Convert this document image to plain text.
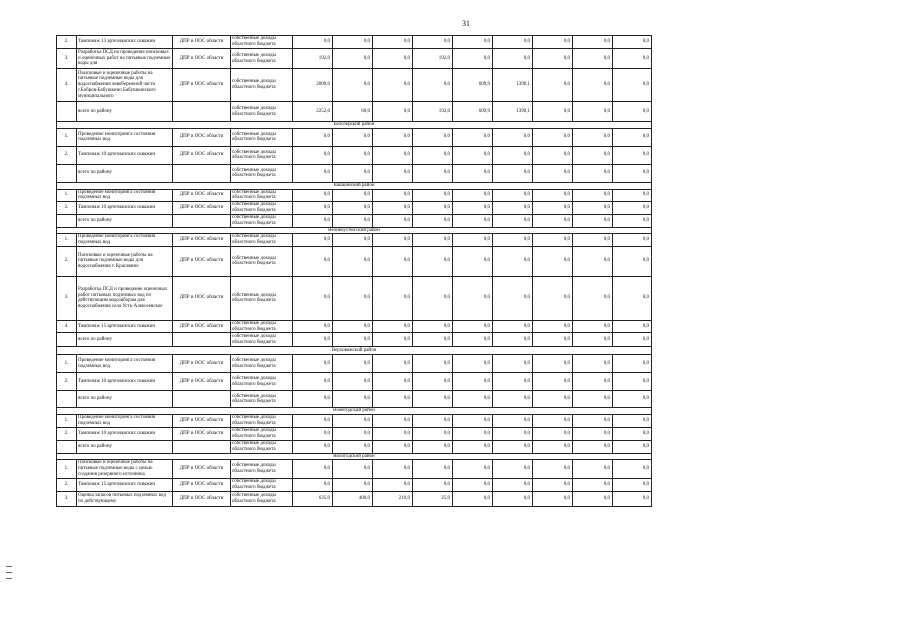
31
2.	Тампонаж 13 артезианских скважин	ДПР и ООС области	собственные доходы областного бюджета	0,0	0,0	0,0	0,0	0,0	0,0	0,0	0,0	0,0
3.	Разработка ПСД на проведение поисковых и оценочных работ на питьевые подземные воды для	ДПР и ООС области	собственные доходы областного бюджета	192,0	0,0	0,0	192,0	0,0	0,0	0,0	0,0	0,0
4.	Поисковые и оценочные работы на питьевые подземные воды для водоснабжения левобережной части г.Бобров-Бабушкино Бабушкинского муниципального	ДПР и ООС области	собственные доходы областного бюджета	2000,0	0,0	0,0	0,0	609,9	1390,1	0,0	0,0	0,0
	всего по району		собственные доходы областного бюджета	2252,0	60,0	0,0	192,0	609,9	1390,1	0,0	0,0	0,0
Белозерский район												
1.	Проведение мониторинга состояния подземных вод	ДПР и ООС области	собственные доходы областного бюджета	0,0	0,0	0,0	0,0	0,0	0,0	0,0	0,0	0,0
2.	Тампонаж 10 артезианских скважин	ДПР и ООС области	собственные доходы областного бюджета	0,0	0,0	0,0	0,0	0,0	0,0	0,0	0,0	0,0
	всего по району		собственные доходы областного бюджета	0,0	0,0	0,0	0,0	0,0	0,0	0,0	0,0	0,0
Вашкинский район												
1.	Проведение мониторинга состояния подземных вод	ДПР и ООС области	собственные доходы областного бюджета	0,0	0,0	0,0	0,0	0,0	0,0	0,0	0,0	0,0
2.	Тампонаж 10 артезианских скважин	ДПР и ООС области	собственные доходы областного бюджета	0,0	0,0	0,0	0,0	0,0	0,0	0,0	0,0	0,0
	всего по району		собственные доходы областного бюджета	0,0	0,0	0,0	0,0	0,0	0,0	0,0	0,0	0,0
Великоустюгский район												
1.	Проведение мониторинга состояния подземных вод	ДПР и ООС области	собственные доходы областного бюджета	0,0	0,0	0,0	0,0	0,0	0,0	0,0	0,0	0,0
2.	Поисковые и оценочные работы на питьевые подземные воды для водоснабжения г. Красавино	ДПР и ООС области	собственные доходы областного бюджета	0,0	0,0	0,0	0,0	0,0	0,0	0,0	0,0	0,0
3.	Разработка ПСД и проведение оценочных работ питьевых подземных вод по действующим водозаборам для водоснабжения села Усть-Алексеевское	ДПР и ООС области	собственные доходы областного бюджета	0,0	0,0	0,0	0,0	0,0	0,0	0,0	0,0	0,0
4.	Тампонаж 15 артезианских скважин	ДПР и ООС области	собственные доходы областного бюджета	0,0	0,0	0,0	0,0	0,0	0,0	0,0	0,0	0,0
	всего по району		собственные доходы областного бюджета	0,0	0,0	0,0	0,0	0,0	0,0	0,0	0,0	0,0
Верховажский район												
1.	Проведение мониторинга состояния подземных вод	ДПР и ООС области	собственные доходы областного бюджета	0,0	0,0	0,0	0,0	0,0	0,0	0,0	0,0	0,0
2.	Тампонаж 10 артезианских скважин	ДПР и ООС области	собственные доходы областного бюджета	0,0	0,0	0,0	0,0	0,0	0,0	0,0	0,0	0,0
	всего по району		собственные доходы областного бюджета	0,0	0,0	0,0	0,0	0,0	0,0	0,0	0,0	0,0
Вожегодский район												
1.	Проведение мониторинга состояния подземных вод	ДПР и ООС области	собственные доходы областного бюджета	0,0	0,0	0,0	0,0	0,0	0,0	0,0	0,0	0,0
2.	Тампонаж 10 артезианских скважин	ДПР и ООС области	собственные доходы областного бюджета	0,0	0,0	0,0	0,0	0,0	0,0	0,0	0,0	0,0
	всего по району		собственные доходы областного бюджета	0,0	0,0	0,0	0,0	0,0	0,0	0,0	0,0	0,0
Вологодский район												
1.	Поисковые и оценочные работы на питьевые подземные воды с целью создания резервного источника	ДПР и ООС области	собственные доходы областного бюджета	0,0	0,0	0,0	0,0	0,0	0,0	0,0	0,0	0,0
2.	Тампонаж 15 артезианских скважин	ДПР и ООС области	собственные доходы областного бюджета	0,0	0,0	0,0	0,0	0,0	0,0	0,0	0,0	0,0
3.	Оценка запасов питьевых подземных вод по действующему	ДПР и ООС области	собственные доходы областного бюджета	635,0	400,0	210,0	25,0	0,0	0,0	0,0	0,0	0,0
